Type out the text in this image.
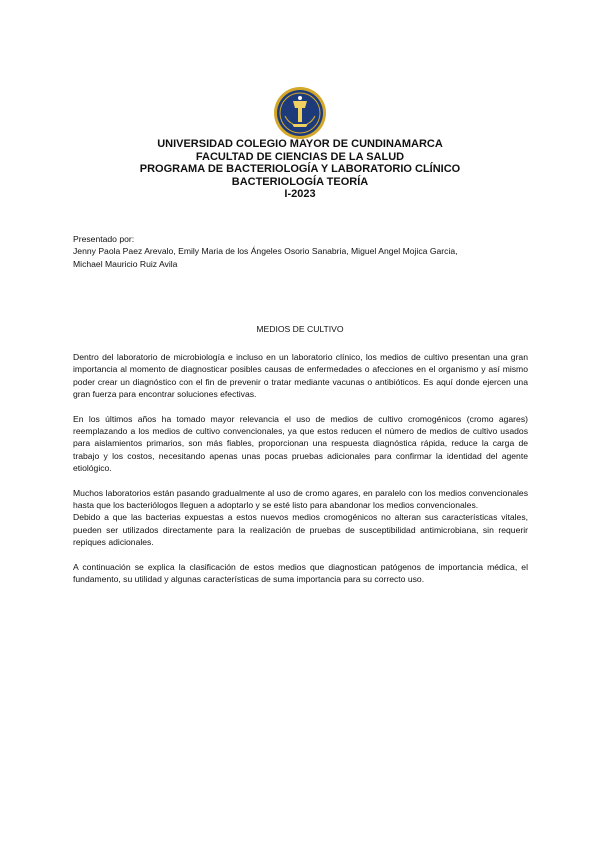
UNIVERSIDAD COLEGIO MAYOR DE CUNDINAMARCA
FACULTAD DE CIENCIAS DE LA SALUD
PROGRAMA DE BACTERIOLOGÍA Y LABORATORIO CLÍNICO
BACTERIOLOGÍA TEORÍA
I-2023
Presentado por:
Jenny Paola Paez Arevalo, Emily Maria de los Ángeles Osorio Sanabria, Miguel Angel Mojica Garcia,
Michael Mauricio Ruiz Avila
MEDIOS DE CULTIVO

Dentro del laboratorio de microbiología e incluso en un laboratorio clínico, los medios de cultivo presentan una gran importancia al momento de diagnosticar posibles causas de enfermedades o afecciones en el organismo y así mismo poder crear un diagnóstico con el fin de prevenir o tratar mediante vacunas o antibióticos. Es aquí donde ejercen una gran fuerza para encontrar soluciones efectivas.

En los últimos años ha tomado mayor relevancia el uso de medios de cultivo cromogénicos (cromo agares) reemplazando a los medios de cultivo convencionales, ya que estos reducen el número de medios de cultivo usados para aislamientos primarios, son más fiables, proporcionan una respuesta diagnóstica rápida, reduce la carga de trabajo y los costos, necesitando apenas unas pocas pruebas adicionales para confirmar la identidad del agente etiológico.

Muchos laboratorios están pasando gradualmente al uso de cromo agares, en paralelo con los medios convencionales hasta que los bacteriólogos lleguen a adoptarlo y se esté listo para abandonar los medios convencionales.

Debido a que las bacterias expuestas a estos nuevos medios cromogénicos no alteran sus características vitales, pueden ser utilizados directamente para la realización de pruebas de susceptibilidad antimicrobiana, sin requerir repiques adicionales.

A continuación se explica la clasificación de estos medios que diagnostican patógenos de importancia médica, el fundamento, su utilidad y algunas características de suma importancia para su correcto uso.
